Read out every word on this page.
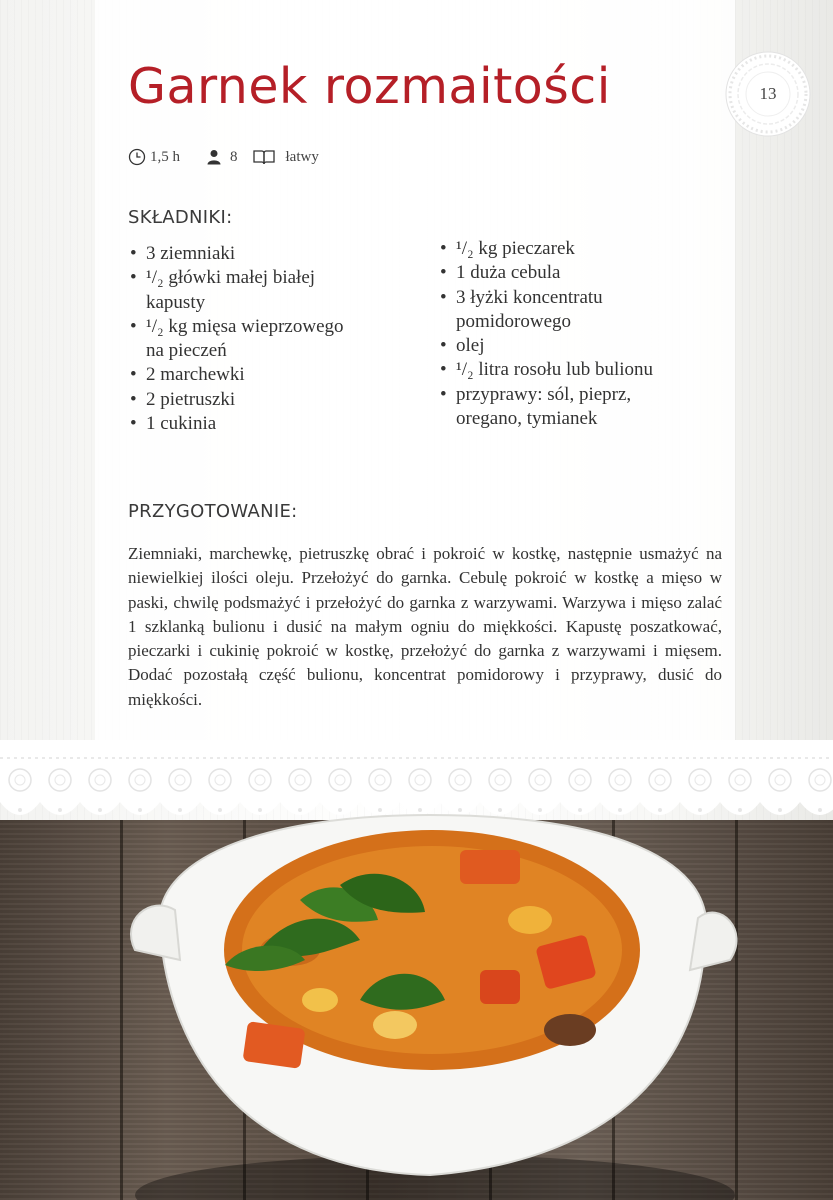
Garnek rozmaitości	13
1,5 h	8	łatwy
SKŁADNIKI:
• 3 ziemniaki
• ¹/₂ główki małej białej
kapusty
• ¹/₂ kg mięsa wieprzowego
na pieczeń
• 2 marchewki
• 2 pietruszki
• 1 cukinia
• ¹/₂ kg pieczarek
• 1 duża cebula
• 3 łyżki koncentratu
pomidorowego
• olej
• ¹/₂ litra rosołu lub bulionu
• przyprawy: sól, pieprz,
oregano, tymianek
PRZYGOTOWANIE:

Ziemniaki, marchewkę, pietruszkę obrać i pokroić w kostkę, następnie usmażyć na niewielkiej ilości oleju. Przełożyć do garnka. Cebulę pokroić w kostkę a mięso w paski, chwilę podsmażyć i przełożyć do garnka z warzywami. Warzywa i mięso zalać 1 szklanką bulionu i dusić na małym ogniu do miękkości. Kapustę poszatkować, pieczarki i cukinię pokroić w kostkę, przełożyć do garnka z warzywami i mięsem. Dodać pozostałą część bulionu, koncentrat pomidorowy i przyprawy, dusić do miękkości.
